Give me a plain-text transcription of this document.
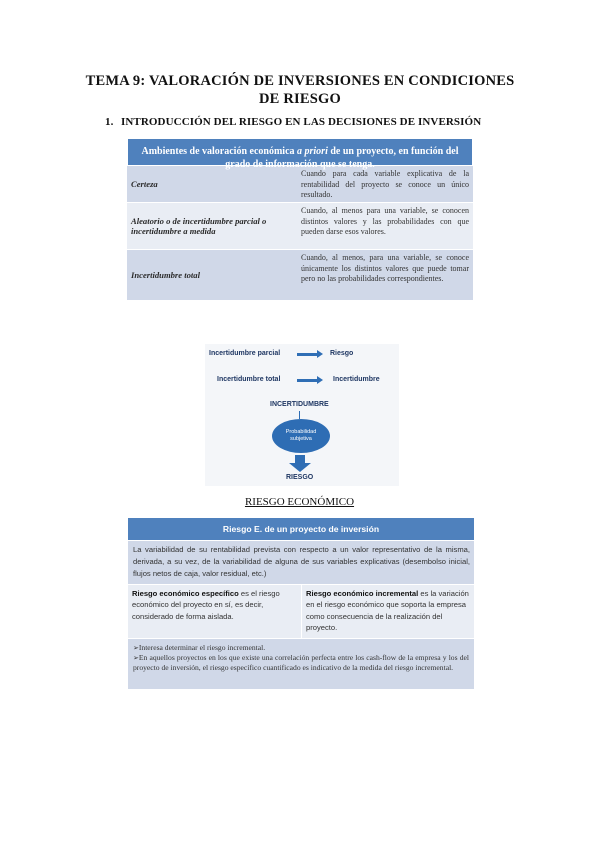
TEMA 9: VALORACIÓN DE INVERSIONES EN CONDICIONES
DE RIESGO
1. INTRODUCCIÓN DEL RIESGO EN LAS DECISIONES DE INVERSIÓN
Ambientes de valoración económica a priori de un proyecto, en función del grado de información que se tenga.
Certeza
Cuando para cada variable explicativa de la rentabilidad del proyecto se conoce un único resultado.
Aleatorio o de incertidumbre parcial o incertidumbre a medida
Cuando, al menos para una variable, se conocen distintos valores y las probabilidades con que pueden darse esos valores.
Incertidumbre total
Cuando, al menos, para una variable, se conoce únicamente los distintos valores que puede tomar pero no las probabilidades correspondientes.
Incertidumbre parcial	Riesgo
Incertidumbre total	Incertidumbre
INCERTIDUMBRE
Probabilidad
subjetiva
RIESGO
RIESGO ECONÓMICO
Riesgo E. de un proyecto de inversión
La variabilidad de su rentabilidad prevista con respecto a un valor representativo de la misma, derivada, a su vez, de la variabilidad de alguna de sus variables explicativas (desembolso inicial, flujos netos de caja, valor residual, etc.)
Riesgo económico específico es el riesgo económico del proyecto en sí, es decir, considerado de forma aislada.
Riesgo económico incremental es la variación en el riesgo económico que soporta la empresa como consecuencia de la realización del proyecto.
➢Interesa determinar el riesgo incremental.
➢En aquellos proyectos en los que existe una correlación perfecta entre los cash-flow de la empresa y los del proyecto de inversión, el riesgo específico cuantificado es indicativo de la medida del riesgo incremental.
